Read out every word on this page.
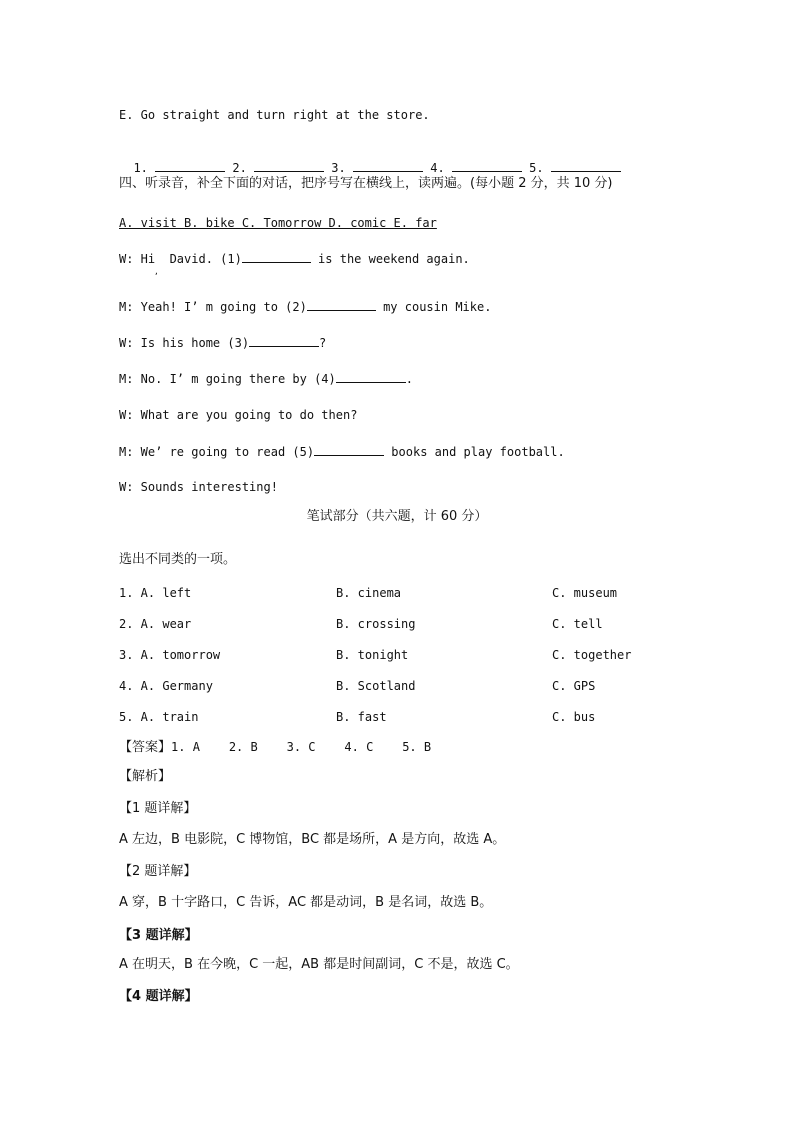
E. Go straight and turn right at the store.

1.	2.	3.	4.	5.

四、听录音，补全下面的对话，把序号写在横线上，读两遍。(每小题 2 分，共 10 分)
A. visit B. bike C. Tomorrow D. comic E. far
W: Hi  David. (1)	is the weekend again.
,
M: Yeah! I’ m going to (2)	my cousin Mike.
W: Is his home (3)	?
M: No. I’ m going there by (4)	.
W: What are you going to do then?
M: We’ re going to read (5)	books and play football.
W: Sounds interesting!
笔试部分（共六题，计 60 分）
选出不同类的一项。
1. A. left	B. cinema	C. museum
2. A. wear	B. crossing	C. tell
3. A. tomorrow	B. tonight	C. together
4. A. Germany	B. Scotland	C. GPS
5. A. train	B. fast	C. bus
【答案】1. A    2. B    3. C    4. C    5. B
【解析】
【1 题详解】
A 左边，B 电影院，C 博物馆，BC 都是场所，A 是方向，故选 A。
【2 题详解】
A 穿，B 十字路口，C 告诉，AC 都是动词，B 是名词，故选 B。
【3 题详解】
A 在明天，B 在今晚，C 一起，AB 都是时间副词，C 不是，故选 C。
【4 题详解】
